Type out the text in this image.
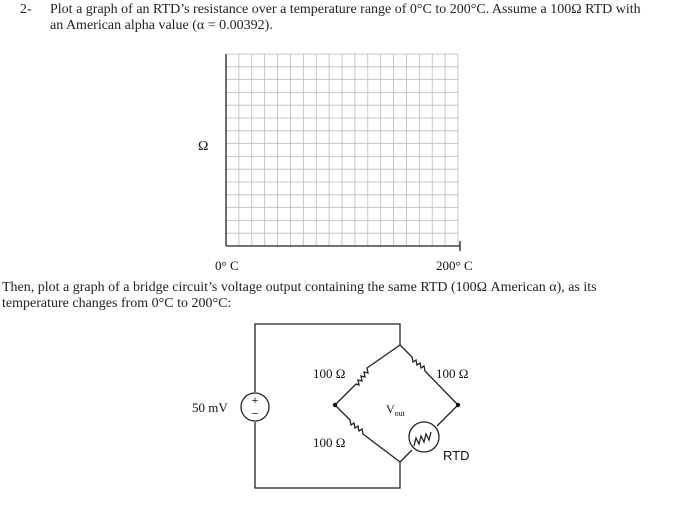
2- Plot a graph of an RTD’s resistance over a temperature range of 0°C to 200°C. Assume a 100Ω RTD with
an American alpha value (α = 0.00392).
Ω
0° C	200° C
+
−
50 mV
100 Ω	100 Ω
100 Ω
$V_{out}$
RTD
Then, plot a graph of a bridge circuit’s voltage output containing the same RTD (100Ω American α), as its
temperature changes from 0°C to 200°C:
